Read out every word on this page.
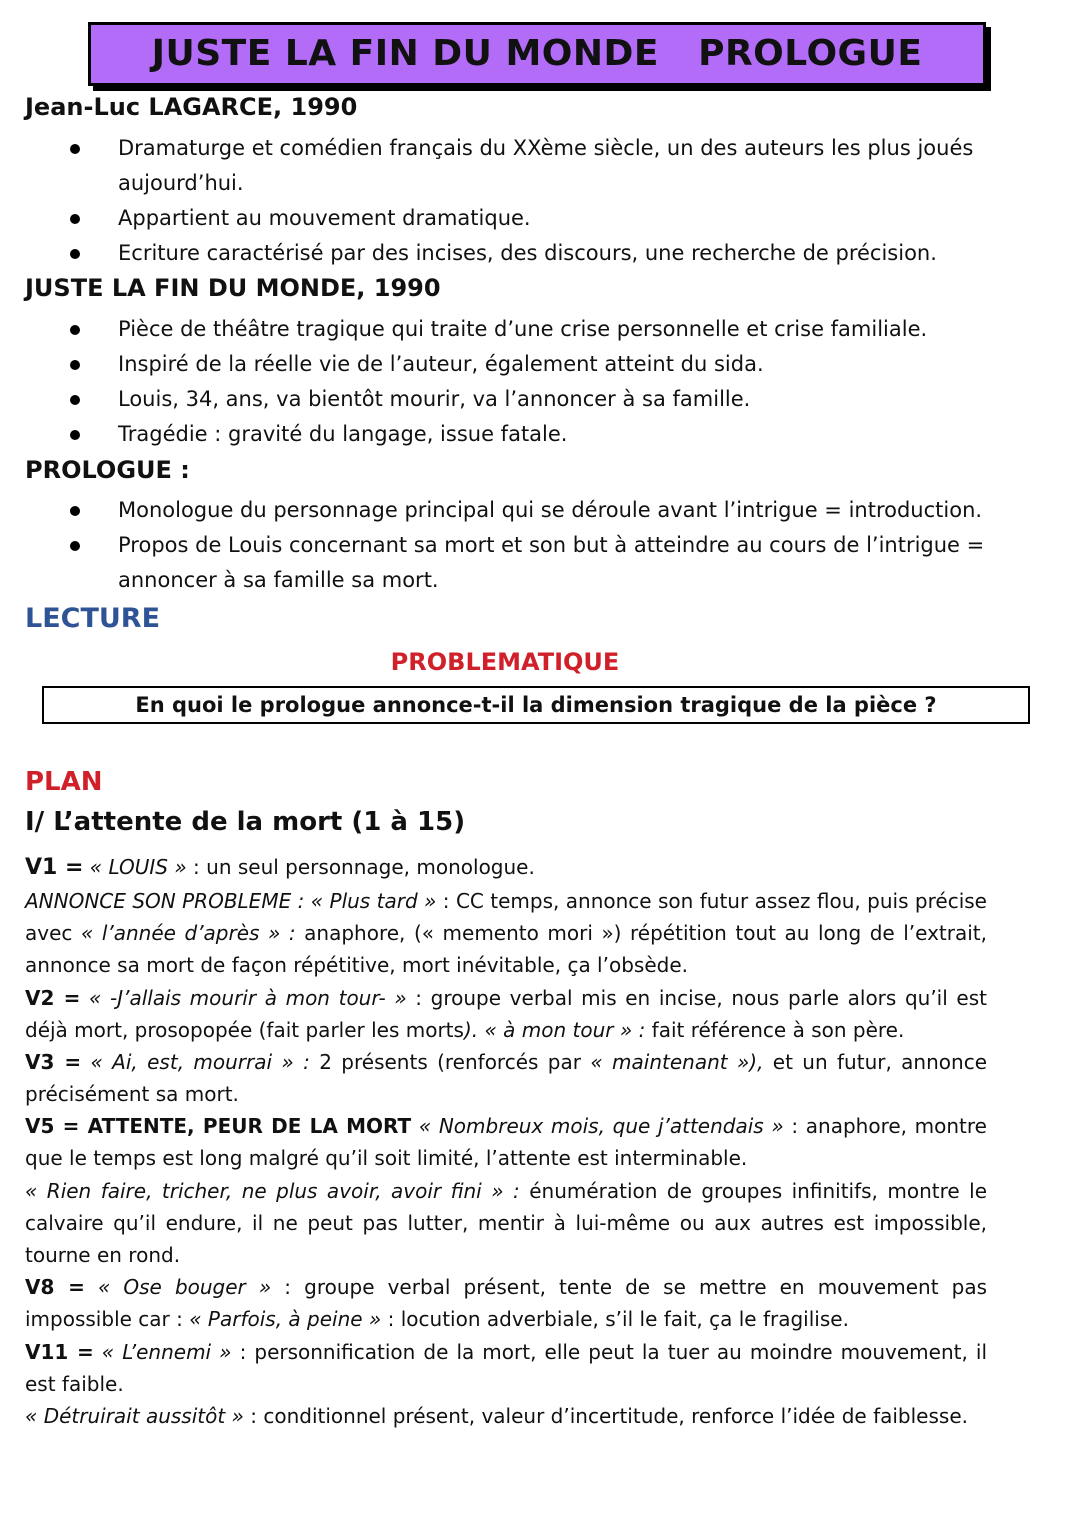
JUSTE LA FIN DU MONDE   PROLOGUE
Jean-Luc LAGARCE, 1990
Dramaturge et comédien français du XXème siècle, un des auteurs les plus joués aujourd’hui.
Appartient au mouvement dramatique.
Ecriture caractérisé par des incises, des discours, une recherche de précision.
JUSTE LA FIN DU MONDE, 1990
Pièce de théâtre tragique qui traite d’une crise personnelle et crise familiale.
Inspiré de la réelle vie de l’auteur, également atteint du sida.
Louis, 34, ans, va bientôt mourir, va l’annoncer à sa famille.
Tragédie : gravité du langage, issue fatale.
PROLOGUE :
Monologue du personnage principal qui se déroule avant l’intrigue = introduction.
Propos de Louis concernant sa mort et son but à atteindre au cours de l’intrigue = annoncer à sa famille sa mort.
LECTURE
PROBLEMATIQUE
En quoi le prologue annonce-t-il la dimension tragique de la pièce ?
PLAN
I/ L’attente de la mort (1 à 15)

V1 = « LOUIS » : un seul personnage, monologue.

ANNONCE SON PROBLEME : « Plus tard » : CC temps, annonce son futur assez flou, puis précise avec « l’année d’après » : anaphore, (« memento mori ») répétition tout au long de l’extrait, annonce sa mort de façon répétitive, mort inévitable, ça l’obsède.

V2 = « -J’allais mourir à mon tour- » : groupe verbal mis en incise, nous parle alors qu’il est déjà mort, prosopopée (fait parler les morts). « à mon tour » : fait référence à son père.

V3 = « Ai, est, mourrai » : 2 présents (renforcés par « maintenant »), et un futur, annonce précisément sa mort.

V5 = ATTENTE, PEUR DE LA MORT « Nombreux mois, que j’attendais » : anaphore, montre que le temps est long malgré qu’il soit limité, l’attente est interminable.

« Rien faire, tricher, ne plus avoir, avoir fini » : énumération de groupes infinitifs, montre le calvaire qu’il endure, il ne peut pas lutter, mentir à lui-même ou aux autres est impossible, tourne en rond.

V8 = « Ose bouger » : groupe verbal présent, tente de se mettre en mouvement pas impossible car : « Parfois, à peine » : locution adverbiale, s’il le fait, ça le fragilise.

V11 = « L’ennemi » : personnification de la mort, elle peut la tuer au moindre mouvement, il est faible.

« Détruirait aussitôt » : conditionnel présent, valeur d’incertitude, renforce l’idée de faiblesse.
